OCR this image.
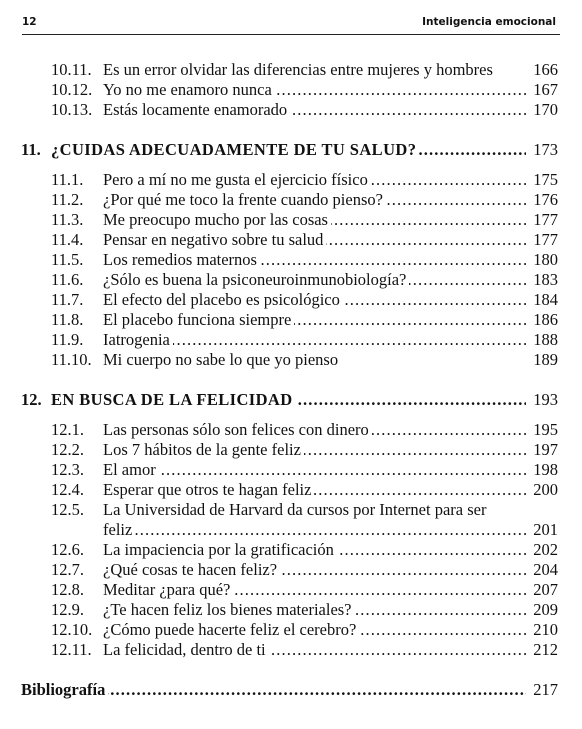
12	Inteligencia emocional
10.11. Es un error olvidar las diferencias entre mujeres y hombres	166
10.12. Yo no me enamoro nunca . . .	167
10.13. Estás locamente enamorado . . .	170
11. ¿CUIDAS ADECUADAMENTE DE TU SALUD? . . .	173
11.1. Pero a mí no me gusta el ejercicio físico . . .	175
11.2. ¿Por qué me toco la frente cuando pienso? . . .	176
11.3. Me preocupo mucho por las cosas . . .	177
11.4. Pensar en negativo sobre tu salud . . .	177
11.5. Los remedios maternos . . .	180
11.6. ¿Sólo es buena la psiconeuroinmunobiología? . . .	183
11.7. El efecto del placebo es psicológico . . .	184
11.8. El placebo funciona siempre . . .	186
11.9. Iatrogenia . . .	188
11.10. Mi cuerpo no sabe lo que yo pienso	189
12. EN BUSCA DE LA FELICIDAD . . .	193
12.1. Las personas sólo son felices con dinero . . .	195
12.2. Los 7 hábitos de la gente feliz . . .	197
12.3. El amor . . .	198
12.4. Esperar que otros te hagan feliz . . .	200
12.5. La Universidad de Harvard da cursos por Internet para ser
feliz . . .	201
12.6. La impaciencia por la gratificación . . .	202
12.7. ¿Qué cosas te hacen feliz? . . .	204
12.8. Meditar ¿para qué? . . .	207
12.9. ¿Te hacen feliz los bienes materiales? . . .	209
12.10. ¿Cómo puede hacerte feliz el cerebro? . . .	210
12.11. La felicidad, dentro de ti . . .	212
Bibliografía . . .	217
